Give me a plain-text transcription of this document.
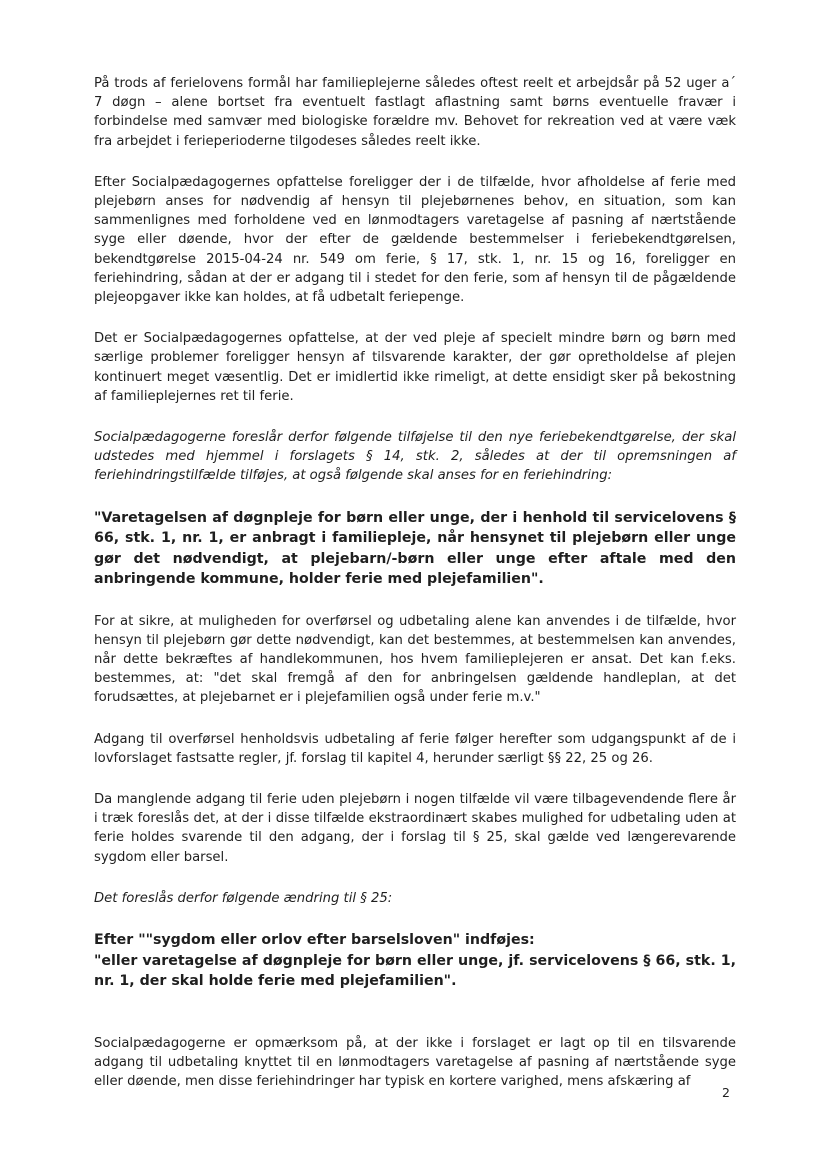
På trods af ferielovens formål har familieplejerne således oftest reelt et arbejdsår på 52 uger a´ 7 døgn – alene bortset fra eventuelt fastlagt aflastning samt børns eventuelle fravær i forbindelse med samvær med biologiske forældre mv. Behovet for rekreation ved at være væk fra arbejdet i ferieperioderne tilgodeses således reelt ikke.

Efter Socialpædagogernes opfattelse foreligger der i de tilfælde, hvor afholdelse af ferie med plejebørn anses for nødvendig af hensyn til plejebørnenes behov, en situation, som kan sammenlignes med forholdene ved en lønmodtagers varetagelse af pasning af nærtstående syge eller døende, hvor der efter de gældende bestemmelser i feriebekendtgørelsen, bekendtgørelse 2015-04-24 nr. 549 om ferie, § 17, stk. 1, nr. 15 og 16, foreligger en feriehindring, sådan at der er adgang til i stedet for den ferie, som af hensyn til de pågældende plejeopgaver ikke kan holdes, at få udbetalt feriepenge.

Det er Socialpædagogernes opfattelse, at der ved pleje af specielt mindre børn og børn med særlige problemer foreligger hensyn af tilsvarende karakter, der gør opretholdelse af plejen kontinuert meget væsentlig. Det er imidlertid ikke rimeligt, at dette ensidigt sker på bekostning af familieplejernes ret til ferie.

Socialpædagogerne foreslår derfor følgende tilføjelse til den nye feriebekendtgørelse, der skal udstedes med hjemmel i forslagets § 14, stk. 2, således at der til opremsningen af feriehindringstilfælde tilføjes, at også følgende skal anses for en feriehindring:

"Varetagelsen af døgnpleje for børn eller unge, der i henhold til servicelovens § 66, stk. 1, nr. 1, er anbragt i familiepleje, når hensynet til plejebørn eller unge gør det nødvendigt, at plejebarn/-børn eller unge efter aftale med den anbringende kommune, holder ferie med plejefamilien".

For at sikre, at muligheden for overførsel og udbetaling alene kan anvendes i de tilfælde, hvor hensyn til plejebørn gør dette nødvendigt, kan det bestemmes, at bestemmelsen kan anvendes, når dette bekræftes af handlekommunen, hos hvem familieplejeren er ansat. Det kan f.eks. bestemmes, at: "det skal fremgå af den for anbringelsen gældende handleplan, at det forudsættes, at plejebarnet er i plejefamilien også under ferie m.v."

Adgang til overførsel henholdsvis udbetaling af ferie følger herefter som udgangspunkt af de i lovforslaget fastsatte regler, jf. forslag til kapitel 4, herunder særligt §§ 22, 25 og 26.

Da manglende adgang til ferie uden plejebørn i nogen tilfælde vil være tilbagevendende flere år i træk foreslås det, at der i disse tilfælde ekstraordinært skabes mulighed for udbetaling uden at ferie holdes svarende til den adgang, der i forslag til § 25, skal gælde ved længerevarende sygdom eller barsel.

Det foreslås derfor følgende ændring til § 25:

Efter ""sygdom eller orlov efter barselsloven" indføjes:

"eller varetagelse af døgnpleje for børn eller unge, jf. servicelovens § 66, stk. 1, nr. 1, der skal holde ferie med plejefamilien".

Socialpædagogerne er opmærksom på, at der ikke i forslaget er lagt op til en tilsvarende adgang til udbetaling knyttet til en lønmodtagers varetagelse af pasning af nærtstående syge eller døende, men disse feriehindringer har typisk en kortere varighed, mens afskæring af

2
